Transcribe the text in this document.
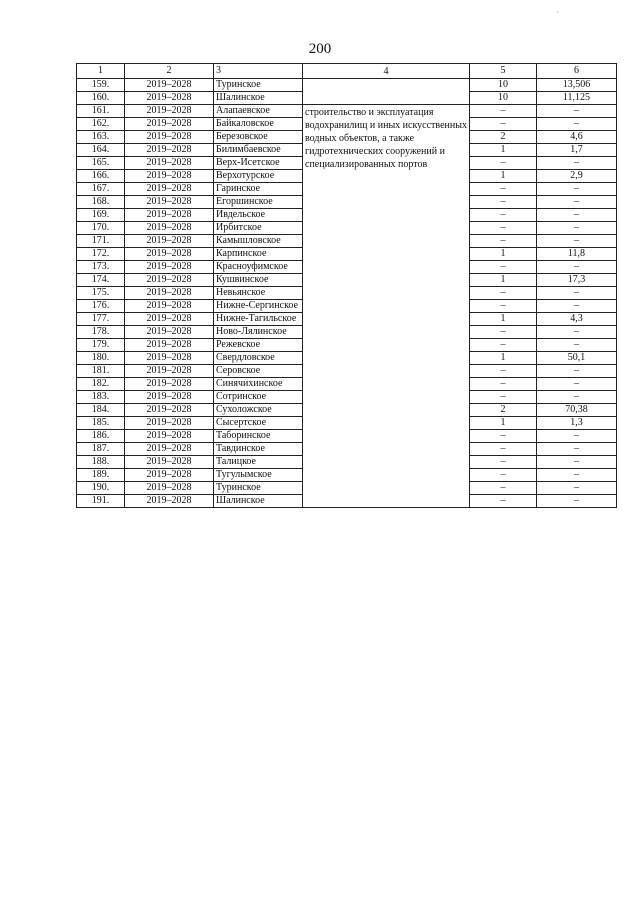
·
200
1	2	3	4	5	6
159.	2019–2028	Туринское		10	13,506
160.	2019–2028	Шалинское		10	11,125
161.	2019–2028	Алапаевское	строительство и эксплуатация водохранилищ и иных искусственных водных объектов, а также гидротехнических сооружений и специализированных портов	–	–
162.	2019–2028	Байкаловское		–	–
163.	2019–2028	Березовское		2	4,6
164.	2019–2028	Билимбаевское		1	1,7
165.	2019–2028	Верх-Исетское		–	–
166.	2019–2028	Верхотурское		1	2,9
167.	2019–2028	Гаринское		–	–
168.	2019–2028	Егоршинское		–	–
169.	2019–2028	Ивдельское		–	–
170.	2019–2028	Ирбитское		–	–
171.	2019–2028	Камышловское		–	–
172.	2019–2028	Карпинское		1	11,8
173.	2019–2028	Красноуфимское		–	–
174.	2019–2028	Кушвинское		1	17,3
175.	2019–2028	Невьянское		–	–
176.	2019–2028	Нижне-Сергинское		–	–
177.	2019–2028	Нижне-Тагильское		1	4,3
178.	2019–2028	Ново-Лялинское		–	–
179.	2019–2028	Режевское		–	–
180.	2019–2028	Свердловское		1	50,1
181.	2019–2028	Серовское		–	–
182.	2019–2028	Синячихинское		–	–
183.	2019–2028	Сотринское		–	–
184.	2019–2028	Сухоложское		2	70,38
185.	2019–2028	Сысертское		1	1,3
186.	2019–2028	Таборинское		–	–
187.	2019–2028	Тавдинское		–	–
188.	2019–2028	Талицкое		–	–
189.	2019–2028	Тугулымское		–	–
190.	2019–2028	Туринское		–	–
191.	2019–2028	Шалинское		–	–
